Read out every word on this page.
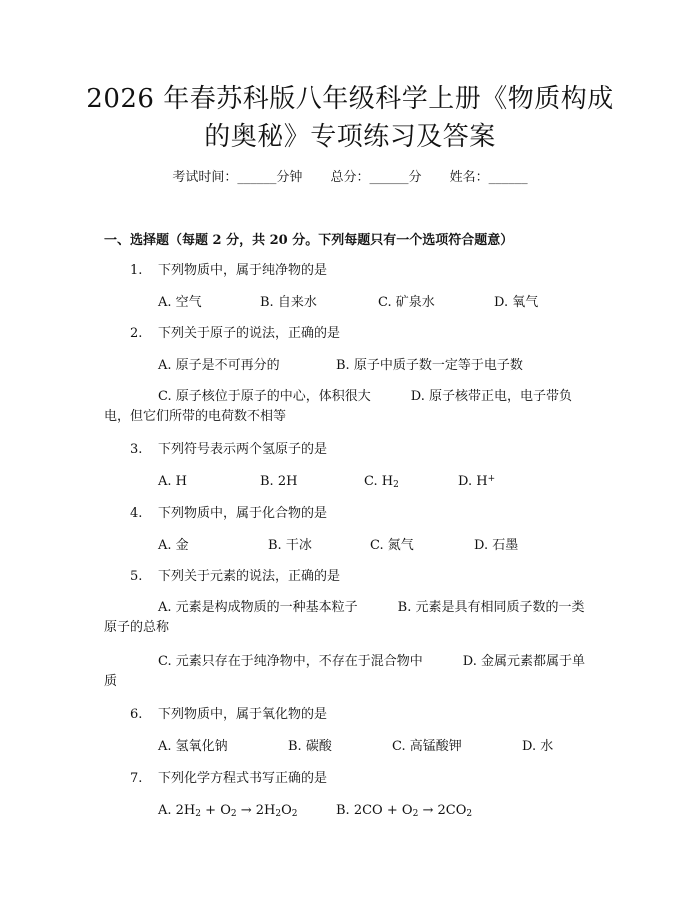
2026 年春苏科版八年级科学上册《物质构成
的奥秘》专项练习及答案
考试时间：______分钟 总分：______分 姓名：______
一、选择题（每题 2 分，共 20 分。下列每题只有一个选项符合题意）
1. 下列物质中，属于纯净物的是
A. 空气	B. 自来水	C. 矿泉水	D. 氧气
2. 下列关于原子的说法，正确的是
A. 原子是不可再分的	B. 原子中质子数一定等于电子数
C. 原子核位于原子的中心，体积很大	D. 原子核带正电，电子带负电，但它们所带的电荷数不相等
3. 下列符号表示两个氢原子的是
A. H	B. 2H	C. $H_2$	D. H+
4. 下列物质中，属于化合物的是
A. 金	B. 干冰	C. 氮气	D. 石墨
5. 下列关于元素的说法，正确的是
A. 元素是构成物质的一种基本粒子	B. 元素是具有相同质子数的一类原子的总称
C. 元素只存在于纯净物中，不存在于混合物中	D. 金属元素都属于单质
6. 下列物质中，属于氧化物的是
A. 氢氧化钠	B. 碳酸	C. 高锰酸钾	D. 水
7. 下列化学方程式书写正确的是
A. $2H_2 + O_2 \to 2H_2O_2$	B. $2CO + O_2 \to 2CO_2$
